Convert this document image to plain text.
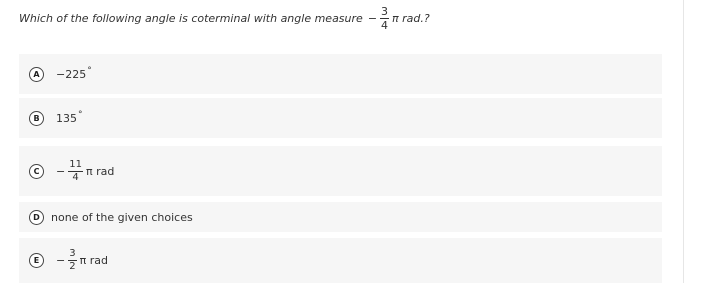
Which of the following angle is coterminal with angle measure − $\frac{3}{4}$ π rad.?
A	−225°
B	135°
C	− $\frac{11}{4}$ π rad
D	none of the given choices
E	− $\frac{3}{2}$ π rad
